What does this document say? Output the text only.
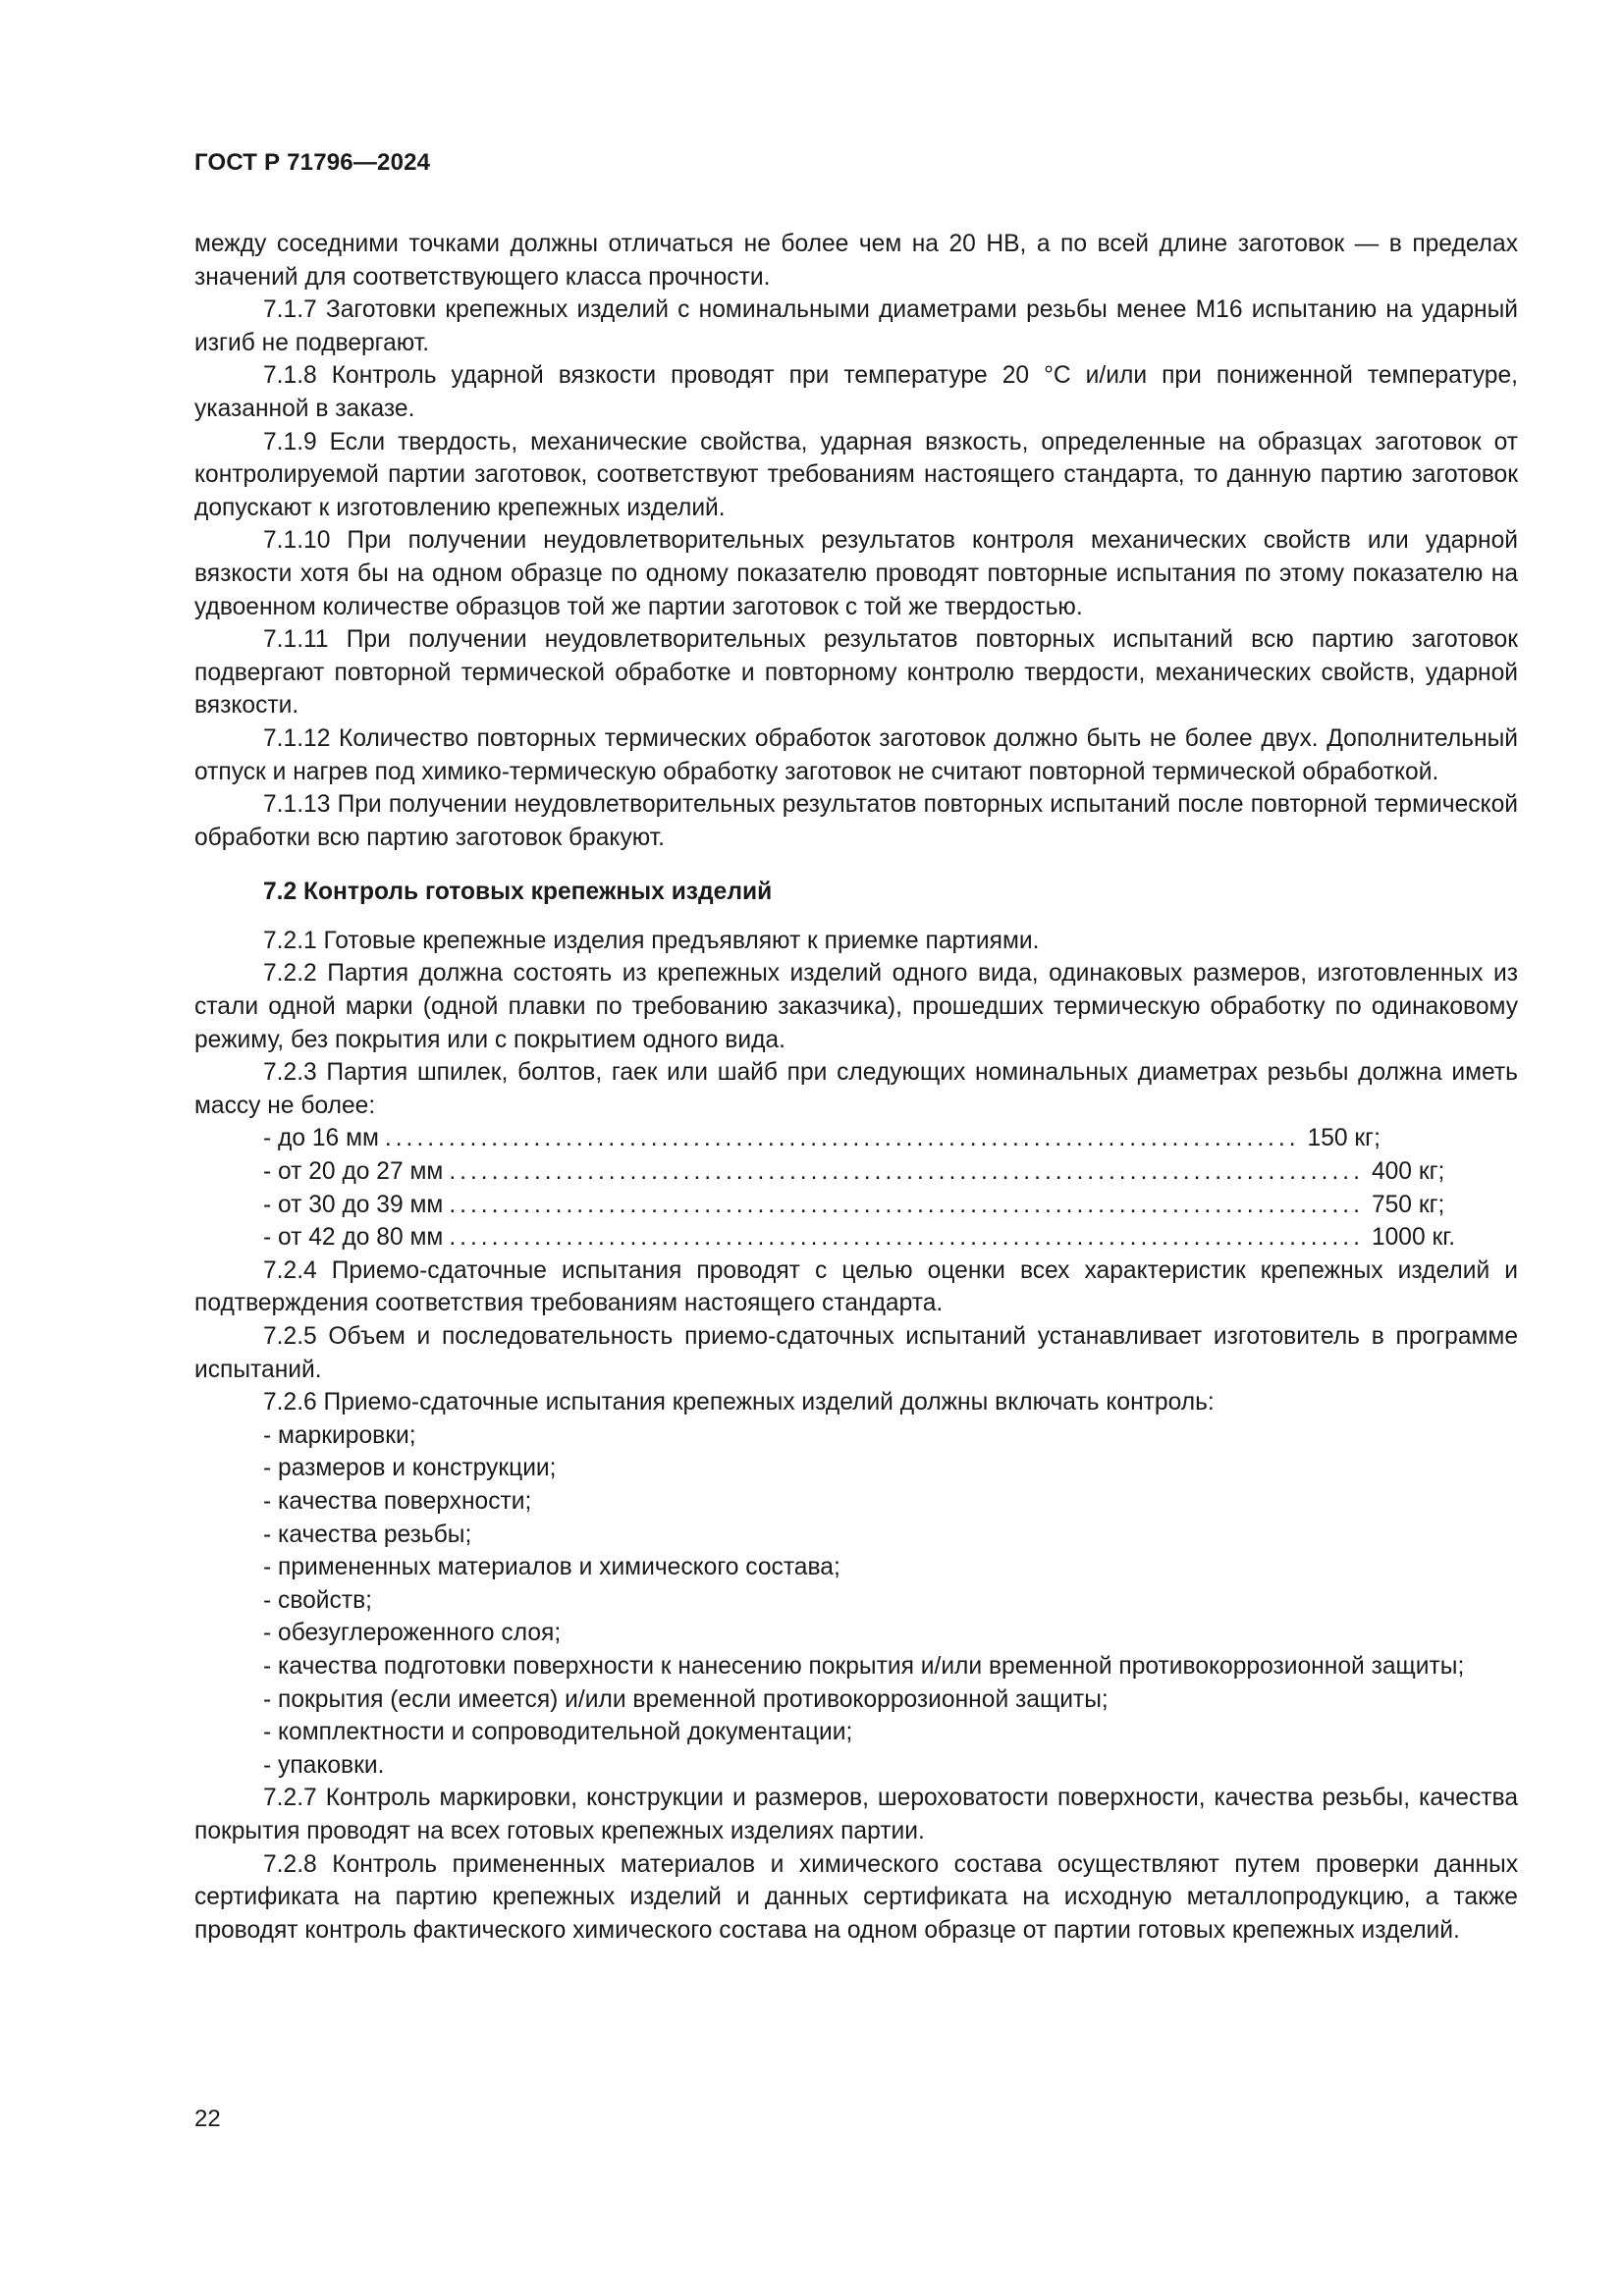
ГОСТ Р 71796—2024

между соседними точками должны отличаться не более чем на 20 НВ, а по всей длине заготовок — в пределах значений для соответствующего класса прочности.

7.1.7 Заготовки крепежных изделий с номинальными диаметрами резьбы менее М16 испытанию на ударный изгиб не подвергают.

7.1.8 Контроль ударной вязкости проводят при температуре 20 °С и/или при пониженной температуре, указанной в заказе.

7.1.9 Если твердость, механические свойства, ударная вязкость, определенные на образцах заготовок от контролируемой партии заготовок, соответствуют требованиям настоящего стандарта, то данную партию заготовок допускают к изготовлению крепежных изделий.

7.1.10 При получении неудовлетворительных результатов контроля механических свойств или ударной вязкости хотя бы на одном образце по одному показателю проводят повторные испытания по этому показателю на удвоенном количестве образцов той же партии заготовок с той же твердостью.

7.1.11 При получении неудовлетворительных результатов повторных испытаний всю партию заготовок подвергают повторной термической обработке и повторному контролю твердости, механических свойств, ударной вязкости.

7.1.12 Количество повторных термических обработок заготовок должно быть не более двух. Дополнительный отпуск и нагрев под химико-термическую обработку заготовок не считают повторной термической обработкой.

7.1.13 При получении неудовлетворительных результатов повторных испытаний после повторной термической обработки всю партию заготовок бракуют.

7.2 Контроль готовых крепежных изделий

7.2.1 Готовые крепежные изделия предъявляют к приемке партиями.

7.2.2 Партия должна состоять из крепежных изделий одного вида, одинаковых размеров, изготовленных из стали одной марки (одной плавки по требованию заказчика), прошедших термическую обработку по одинаковому режиму, без покрытия или с покрытием одного вида.

7.2.3 Партия шпилек, болтов, гаек или шайб при следующих номинальных диаметрах резьбы должна иметь массу не более:

- до 16 мм ...................................................................................... 150 кг;
- от 20 до 27 мм ...................................................................................... 400 кг;
- от 30 до 39 мм ...................................................................................... 750 кг;
- от 42 до 80 мм ...................................................................................... 1000 кг.

7.2.4 Приемо-сдаточные испытания проводят с целью оценки всех характеристик крепежных изделий и подтверждения соответствия требованиям настоящего стандарта.

7.2.5 Объем и последовательность приемо-сдаточных испытаний устанавливает изготовитель в программе испытаний.

7.2.6 Приемо-сдаточные испытания крепежных изделий должны включать контроль:

- маркировки;

- размеров и конструкции;

- качества поверхности;

- качества резьбы;

- примененных материалов и химического состава;

- свойств;

- обезуглероженного слоя;

- качества подготовки поверхности к нанесению покрытия и/или временной противокоррозионной защиты;

- покрытия (если имеется) и/или временной противокоррозионной защиты;

- комплектности и сопроводительной документации;

- упаковки.

7.2.7 Контроль маркировки, конструкции и размеров, шероховатости поверхности, качества резьбы, качества покрытия проводят на всех готовых крепежных изделиях партии.

7.2.8 Контроль примененных материалов и химического состава осуществляют путем проверки данных сертификата на партию крепежных изделий и данных сертификата на исходную металлопродукцию, а также проводят контроль фактического химического состава на одном образце от партии готовых крепежных изделий.

22
